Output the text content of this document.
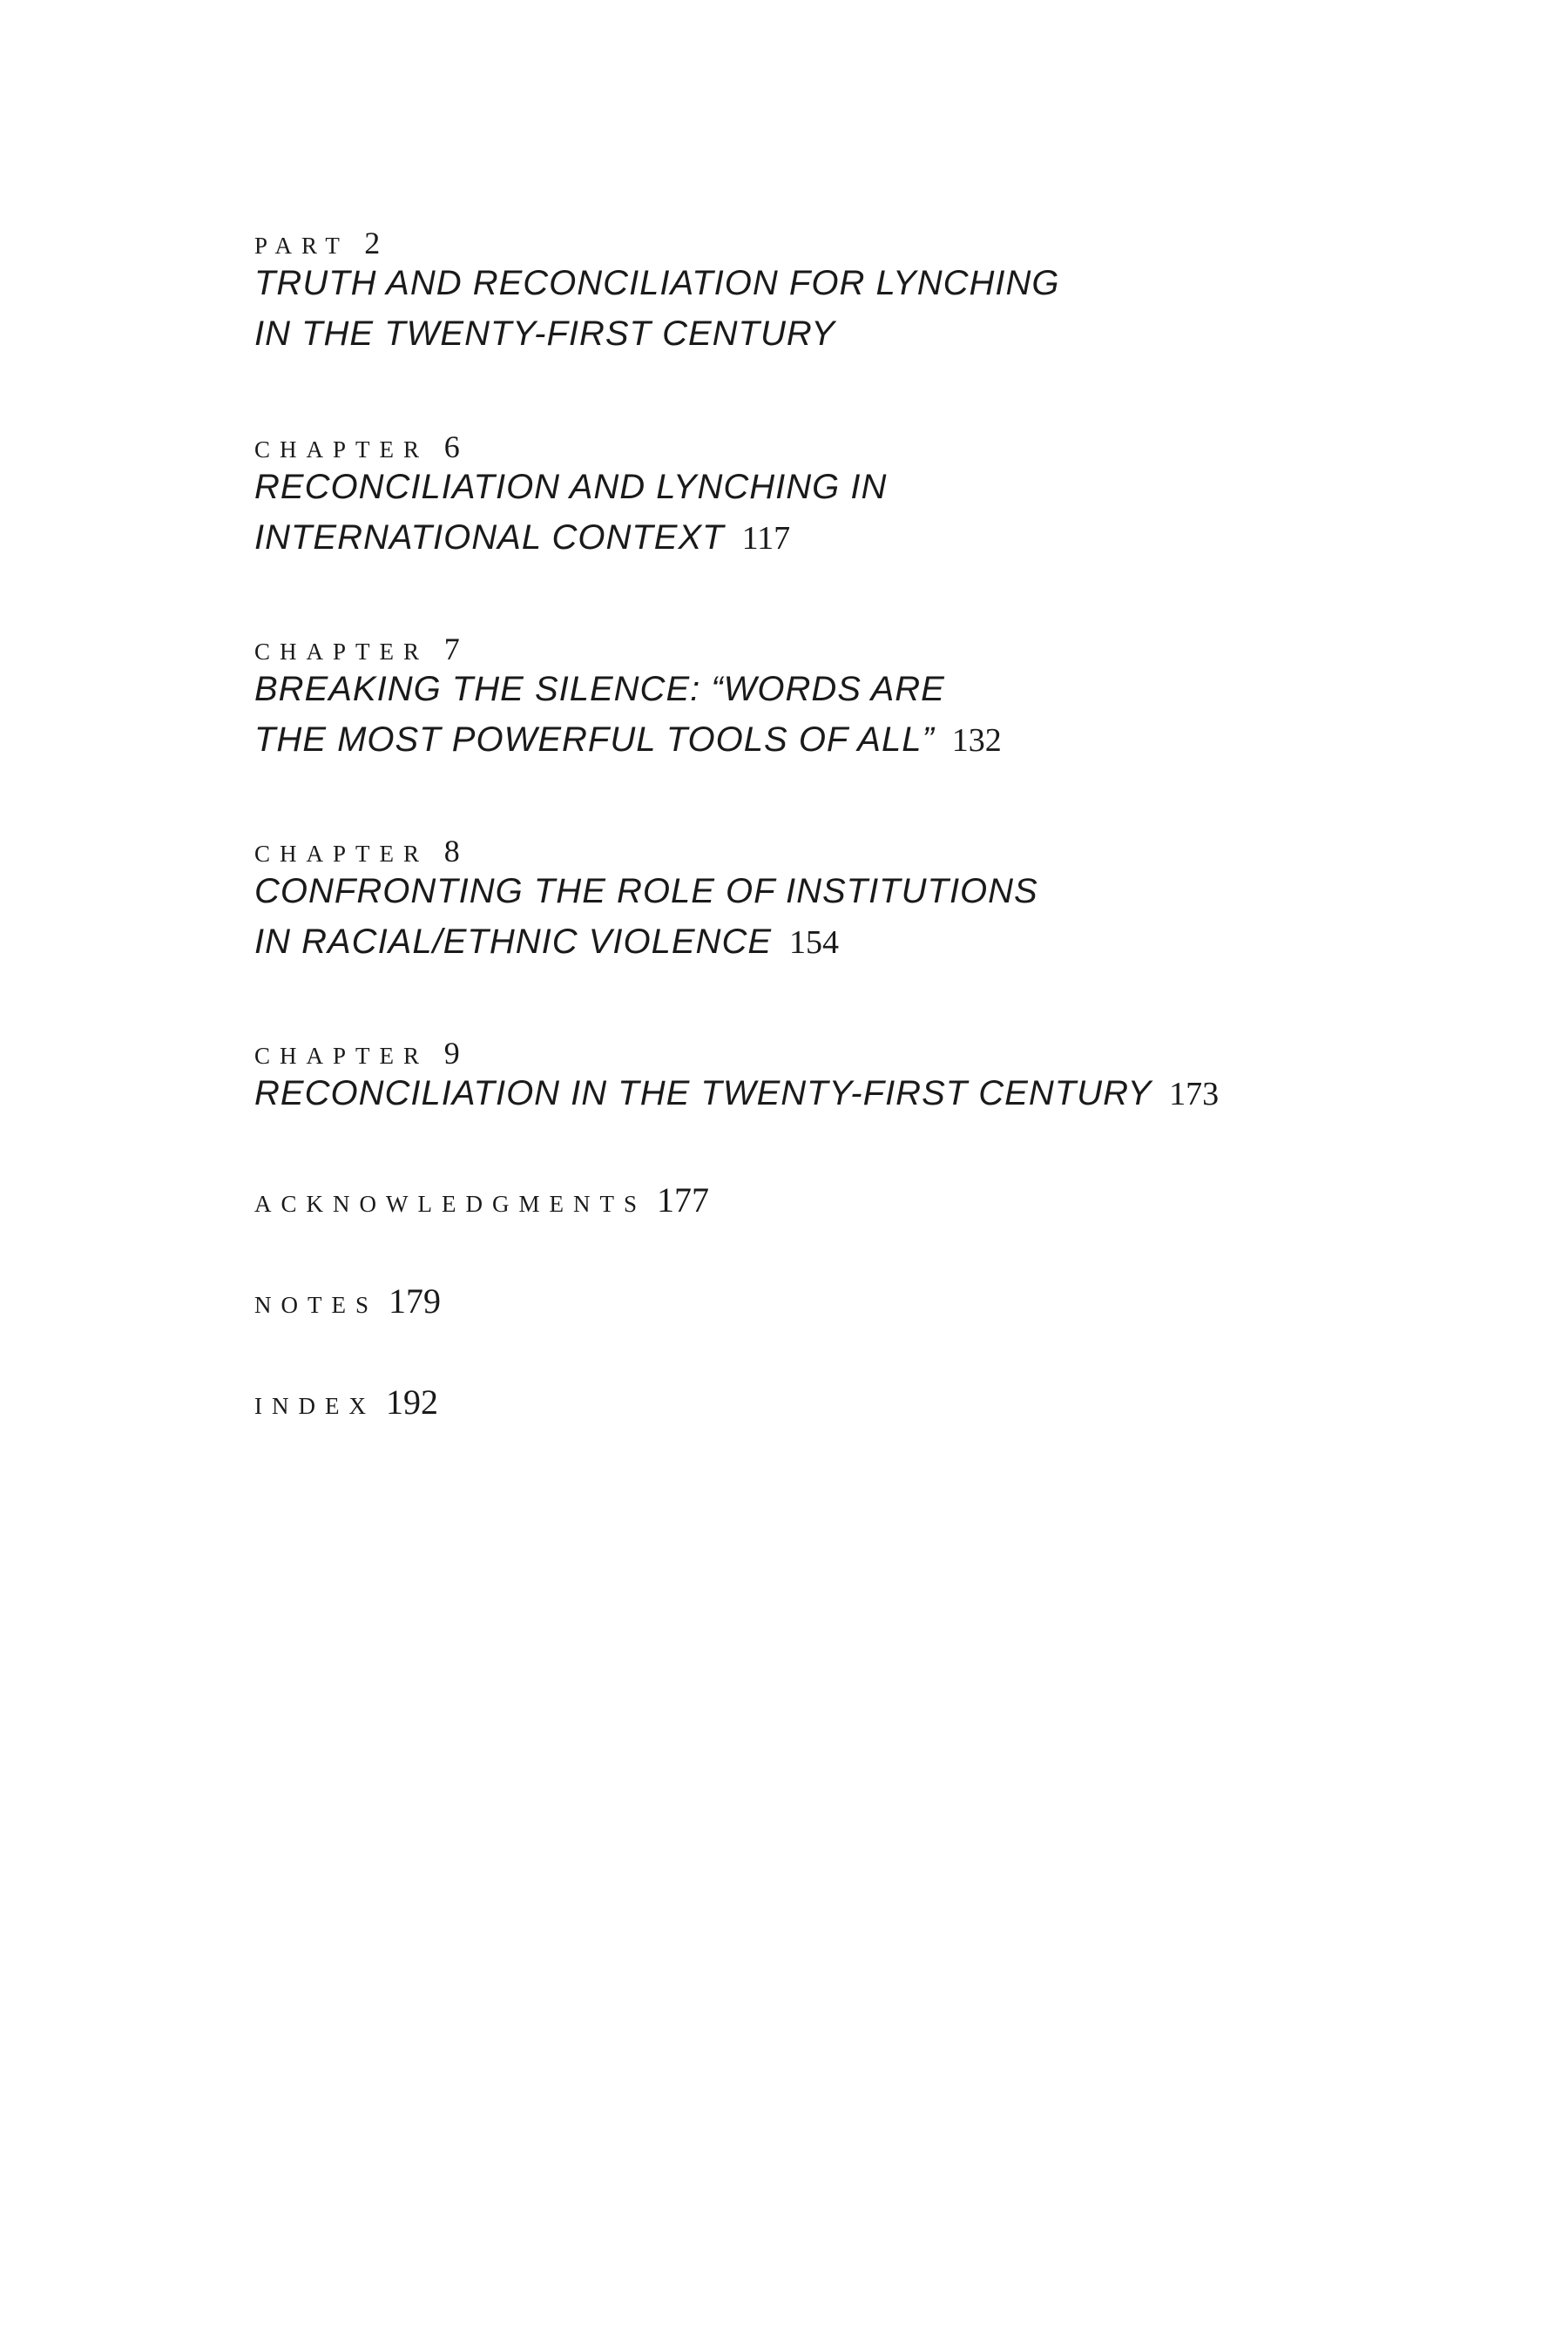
PART 2
TRUTH AND RECONCILIATION FOR LYNCHING
IN THE TWENTY-FIRST CENTURY
CHAPTER 6
RECONCILIATION AND LYNCHING IN
INTERNATIONAL CONTEXT 117
CHAPTER 7
BREAKING THE SILENCE: “WORDS ARE
THE MOST POWERFUL TOOLS OF ALL” 132
CHAPTER 8
CONFRONTING THE ROLE OF INSTITUTIONS
IN RACIAL/ETHNIC VIOLENCE 154
CHAPTER 9
RECONCILIATION IN THE TWENTY-FIRST CENTURY 173
ACKNOWLEDGMENTS 177
NOTES 179
INDEX 192
